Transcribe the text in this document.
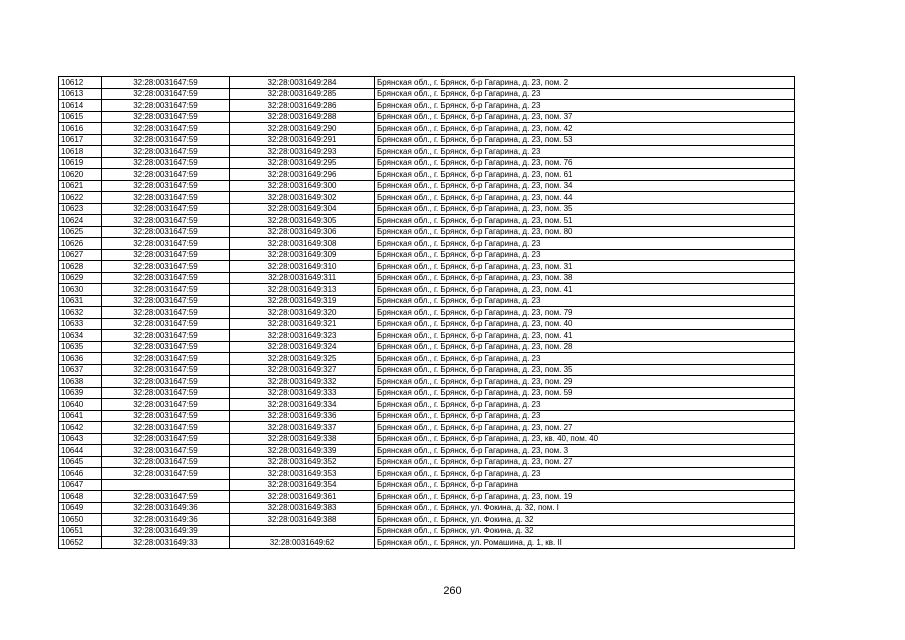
10612	32:28:0031647:59	32:28:0031649:284	Брянская обл., г. Брянск, б-р Гагарина, д. 23, пом. 2
10613	32:28:0031647:59	32:28:0031649:285	Брянская обл., г. Брянск, б-р Гагарина, д. 23
10614	32:28:0031647:59	32:28:0031649:286	Брянская обл., г. Брянск, б-р Гагарина, д. 23
10615	32:28:0031647:59	32:28:0031649:288	Брянская обл., г. Брянск, б-р Гагарина, д. 23, пом. 37
10616	32:28:0031647:59	32:28:0031649:290	Брянская обл., г. Брянск, б-р Гагарина, д. 23, пом. 42
10617	32:28:0031647:59	32:28:0031649:291	Брянская обл., г. Брянск, б-р Гагарина, д. 23, пом. 53
10618	32:28:0031647:59	32:28:0031649:293	Брянская обл., г. Брянск, б-р Гагарина, д. 23
10619	32:28:0031647:59	32:28:0031649:295	Брянская обл., г. Брянск, б-р Гагарина, д. 23, пом. 76
10620	32:28:0031647:59	32:28:0031649:296	Брянская обл., г. Брянск, б-р Гагарина, д. 23, пом. 61
10621	32:28:0031647:59	32:28:0031649:300	Брянская обл., г. Брянск, б-р Гагарина, д. 23, пом. 34
10622	32:28:0031647:59	32:28:0031649:302	Брянская обл., г. Брянск, б-р Гагарина, д. 23, пом. 44
10623	32:28:0031647:59	32:28:0031649:304	Брянская обл., г. Брянск, б-р Гагарина, д. 23, пом. 35
10624	32:28:0031647:59	32:28:0031649:305	Брянская обл., г. Брянск, б-р Гагарина, д. 23, пом. 51
10625	32:28:0031647:59	32:28:0031649:306	Брянская обл., г. Брянск, б-р Гагарина, д. 23, пом. 80
10626	32:28:0031647:59	32:28:0031649:308	Брянская обл., г. Брянск, б-р Гагарина, д. 23
10627	32:28:0031647:59	32:28:0031649:309	Брянская обл., г. Брянск, б-р Гагарина, д. 23
10628	32:28:0031647:59	32:28:0031649:310	Брянская обл., г. Брянск, б-р Гагарина, д. 23, пом. 31
10629	32:28:0031647:59	32:28:0031649:311	Брянская обл., г. Брянск, б-р Гагарина, д. 23, пом. 38
10630	32:28:0031647:59	32:28:0031649:313	Брянская обл., г. Брянск, б-р Гагарина, д. 23, пом. 41
10631	32:28:0031647:59	32:28:0031649:319	Брянская обл., г. Брянск, б-р Гагарина, д. 23
10632	32:28:0031647:59	32:28:0031649:320	Брянская обл., г. Брянск, б-р Гагарина, д. 23, пом. 79
10633	32:28:0031647:59	32:28:0031649:321	Брянская обл., г. Брянск, б-р Гагарина, д. 23, пом. 40
10634	32:28:0031647:59	32:28:0031649:323	Брянская обл., г. Брянск, б-р Гагарина, д. 23, пом. 41
10635	32:28:0031647:59	32:28:0031649:324	Брянская обл., г. Брянск, б-р Гагарина, д. 23, пом. 28
10636	32:28:0031647:59	32:28:0031649:325	Брянская обл., г. Брянск, б-р Гагарина, д. 23
10637	32:28:0031647:59	32:28:0031649:327	Брянская обл., г. Брянск, б-р Гагарина, д. 23, пом. 35
10638	32:28:0031647:59	32:28:0031649:332	Брянская обл., г. Брянск, б-р Гагарина, д. 23, пом. 29
10639	32:28:0031647:59	32:28:0031649:333	Брянская обл., г. Брянск, б-р Гагарина, д. 23, пом. 59
10640	32:28:0031647:59	32:28:0031649:334	Брянская обл., г. Брянск, б-р Гагарина, д. 23
10641	32:28:0031647:59	32:28:0031649:336	Брянская обл., г. Брянск, б-р Гагарина, д. 23
10642	32:28:0031647:59	32:28:0031649:337	Брянская обл., г. Брянск, б-р Гагарина, д. 23, пом. 27
10643	32:28:0031647:59	32:28:0031649:338	Брянская обл., г. Брянск, б-р Гагарина, д. 23, кв. 40, пом. 40
10644	32:28:0031647:59	32:28:0031649:339	Брянская обл., г. Брянск, б-р Гагарина, д. 23, пом. 3
10645	32:28:0031647:59	32:28:0031649:352	Брянская обл., г. Брянск, б-р Гагарина, д. 23, пом. 27
10646	32:28:0031647:59	32:28:0031649:353	Брянская обл., г. Брянск, б-р Гагарина, д. 23
10647		32:28:0031649:354	Брянская обл., г. Брянск, б-р Гагарина
10648	32:28:0031647:59	32:28:0031649:361	Брянская обл., г. Брянск, б-р Гагарина, д. 23, пом. 19
10649	32:28:0031649:36	32:28:0031649:383	Брянская обл., г. Брянск, ул. Фокина, д. 32, пом. I
10650	32:28:0031649:36	32:28:0031649:388	Брянская обл., г. Брянск, ул. Фокина, д. 32
10651	32:28:0031649:39		Брянская обл., г. Брянск, ул. Фокина, д. 32
10652	32:28:0031649:33	32:28:0031649:62	Брянская обл., г. Брянск, ул. Ромашина, д. 1, кв. II
260
